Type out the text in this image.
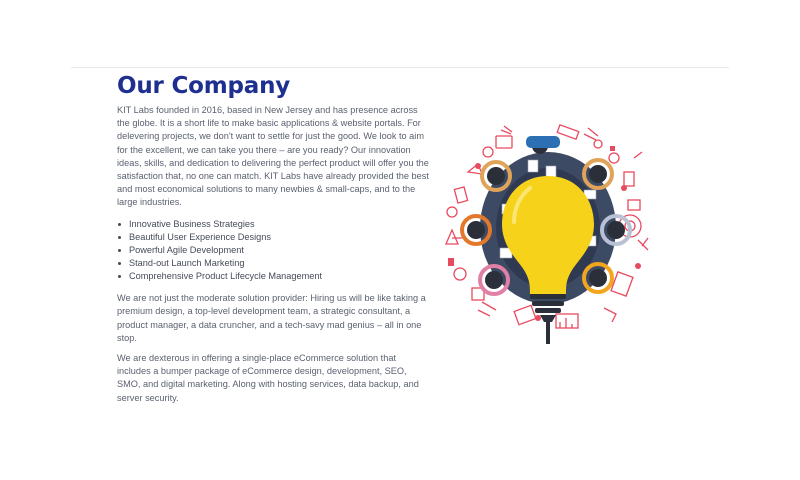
Our Company

KIT Labs founded in 2016, based in New Jersey and has presence across the globe. It is a short life to make basic applications & website portals. For delevering projects, we don't want to settle for just the good. We look to aim for the excellent, we can take you there – are you ready? Our innovation ideas, skills, and dedication to delivering the perfect product will offer you the satisfaction that, no one can match. KIT Labs have already provided the best and most economical solutions to many newbies & small-caps, and to the large industries.

Innovative Business Strategies
Beautiful User Experience Designs
Powerful Agile Development
Stand-out Launch Marketing
Comprehensive Product Lifecycle Management

We are not just the moderate solution provider: Hiring us will be like taking a premium design, a top-level development team, a strategic consultant, a product manager, a data cruncher, and a tech-savy mad genius – all in one stop.

We are dexterous in offering a single-place eCommerce solution that includes a bumper package of eCommerce design, development, SEO, SMO, and digital marketing. Along with hosting services, data backup, and server security.
